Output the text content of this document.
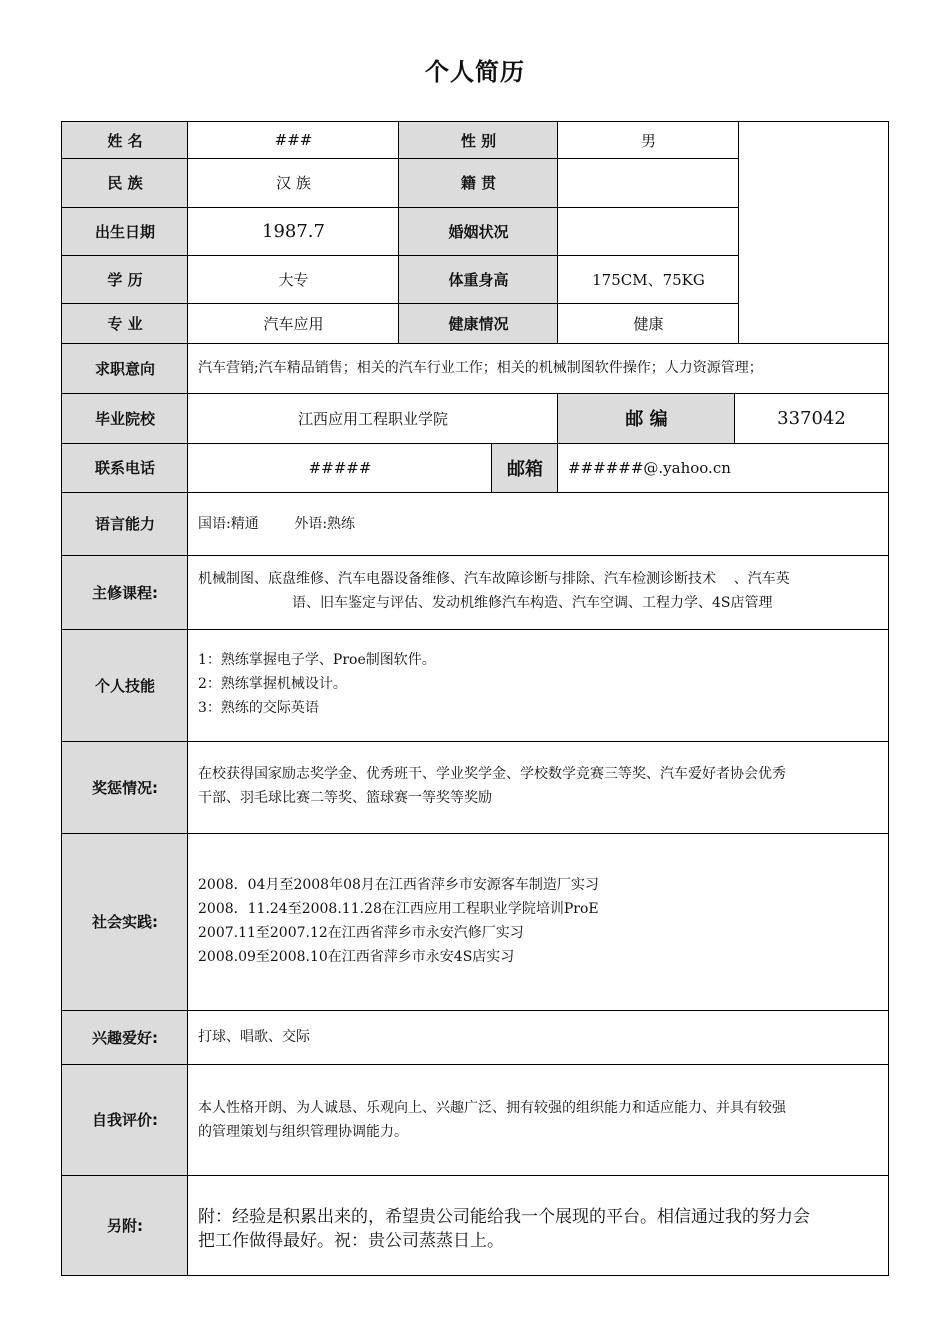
个人简历
姓 名	###	性 别	男
民 族	汉 族	籍 贯
出生日期	1987.7	婚姻状况
学 历	大专	体重身高	175CM、75KG
专 业	汽车应用	健康情况	健康
求职意向	汽车营销;汽车精品销售；相关的汽车行业工作；相关的机械制图软件操作；人力资源管理；
毕业院校	江西应用工程职业学院	邮 编	337042
联系电话	#####	邮箱	######@.yahoo.cn
语言能力	国语:精通        外语:熟练
主修课程:
机械制图、底盘维修、汽车电器设备维修、汽车故障诊断与排除、汽车检测诊断技术    、汽车英
语、旧车鉴定与评估、发动机维修汽车构造、汽车空调、工程力学、4S店管理
个人技能
1：熟练掌握电子学、Proe制图软件。
2：熟练掌握机械设计。
3：熟练的交际英语
奖惩情况:
在校获得国家励志奖学金、优秀班干、学业奖学金、学校数学竞赛三等奖、汽车爱好者协会优秀
干部、羽毛球比赛二等奖、篮球赛一等奖等奖励
社会实践:
2008．04月至2008年08月在江西省萍乡市安源客车制造厂实习
2008．11.24至2008.11.28在江西应用工程职业学院培训ProE
2007.11至2007.12在江西省萍乡市永安汽修厂实习
2008.09至2008.10在江西省萍乡市永安4S店实习
兴趣爱好:	打球、唱歌、交际
自我评价:
本人性格开朗、为人诚恳、乐观向上、兴趣广泛、拥有较强的组织能力和适应能力、并具有较强
的管理策划与组织管理协调能力。
另附:	附：经验是积累出来的，希望贵公司能给我一个展现的平台。相信通过我的努力会
把工作做得最好。祝：贵公司蒸蒸日上。
